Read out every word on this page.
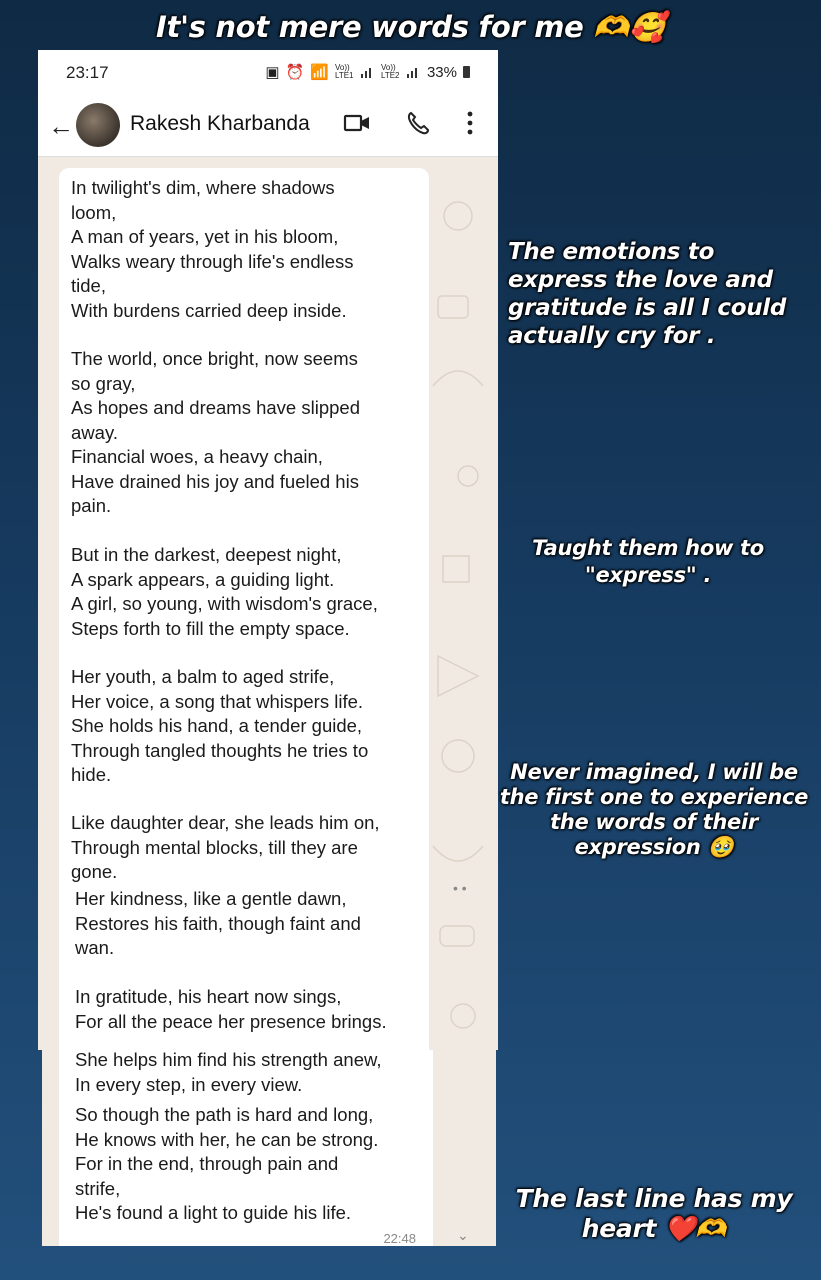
It's not mere words for me 🫶🥰
23:17	▣ ⏰ 📶 Vo)) LTE1
Vo)) LTE2 33%
←	Rakesh Kharbanda
In twilight's dim, where shadows
loom,
A man of years, yet in his bloom,
Walks weary through life's endless
tide,
With burdens carried deep inside.
The world, once bright, now seems
so gray,
As hopes and dreams have slipped
away.
Financial woes, a heavy chain,
Have drained his joy and fueled his
pain.
But in the darkest, deepest night,
A spark appears, a guiding light.
A girl, so young, with wisdom's grace,
Steps forth to fill the empty space.
Her youth, a balm to aged strife,
Her voice, a song that whispers life.
She holds his hand, a tender guide,
Through tangled thoughts he tries to
hide.
Like daughter dear, she leads him on,
Through mental blocks, till they are
gone.
Her kindness, like a gentle dawn,
Restores his faith, though faint and
wan.
In gratitude, his heart now sings,
For all the peace her presence brings.
• •
She helps him find his strength anew,
In every step, in every view.
So though the path is hard and long,
He knows with her, he can be strong.
For in the end, through pain and
strife,
He's found a light to guide his life.
22:48	⌄
The emotions to express the love and gratitude is all I could actually cry for .
Taught them how to "express" .
Never imagined, I will be the first one to experience the words of their expression 🥹
The last line has my heart ❤️🫶
